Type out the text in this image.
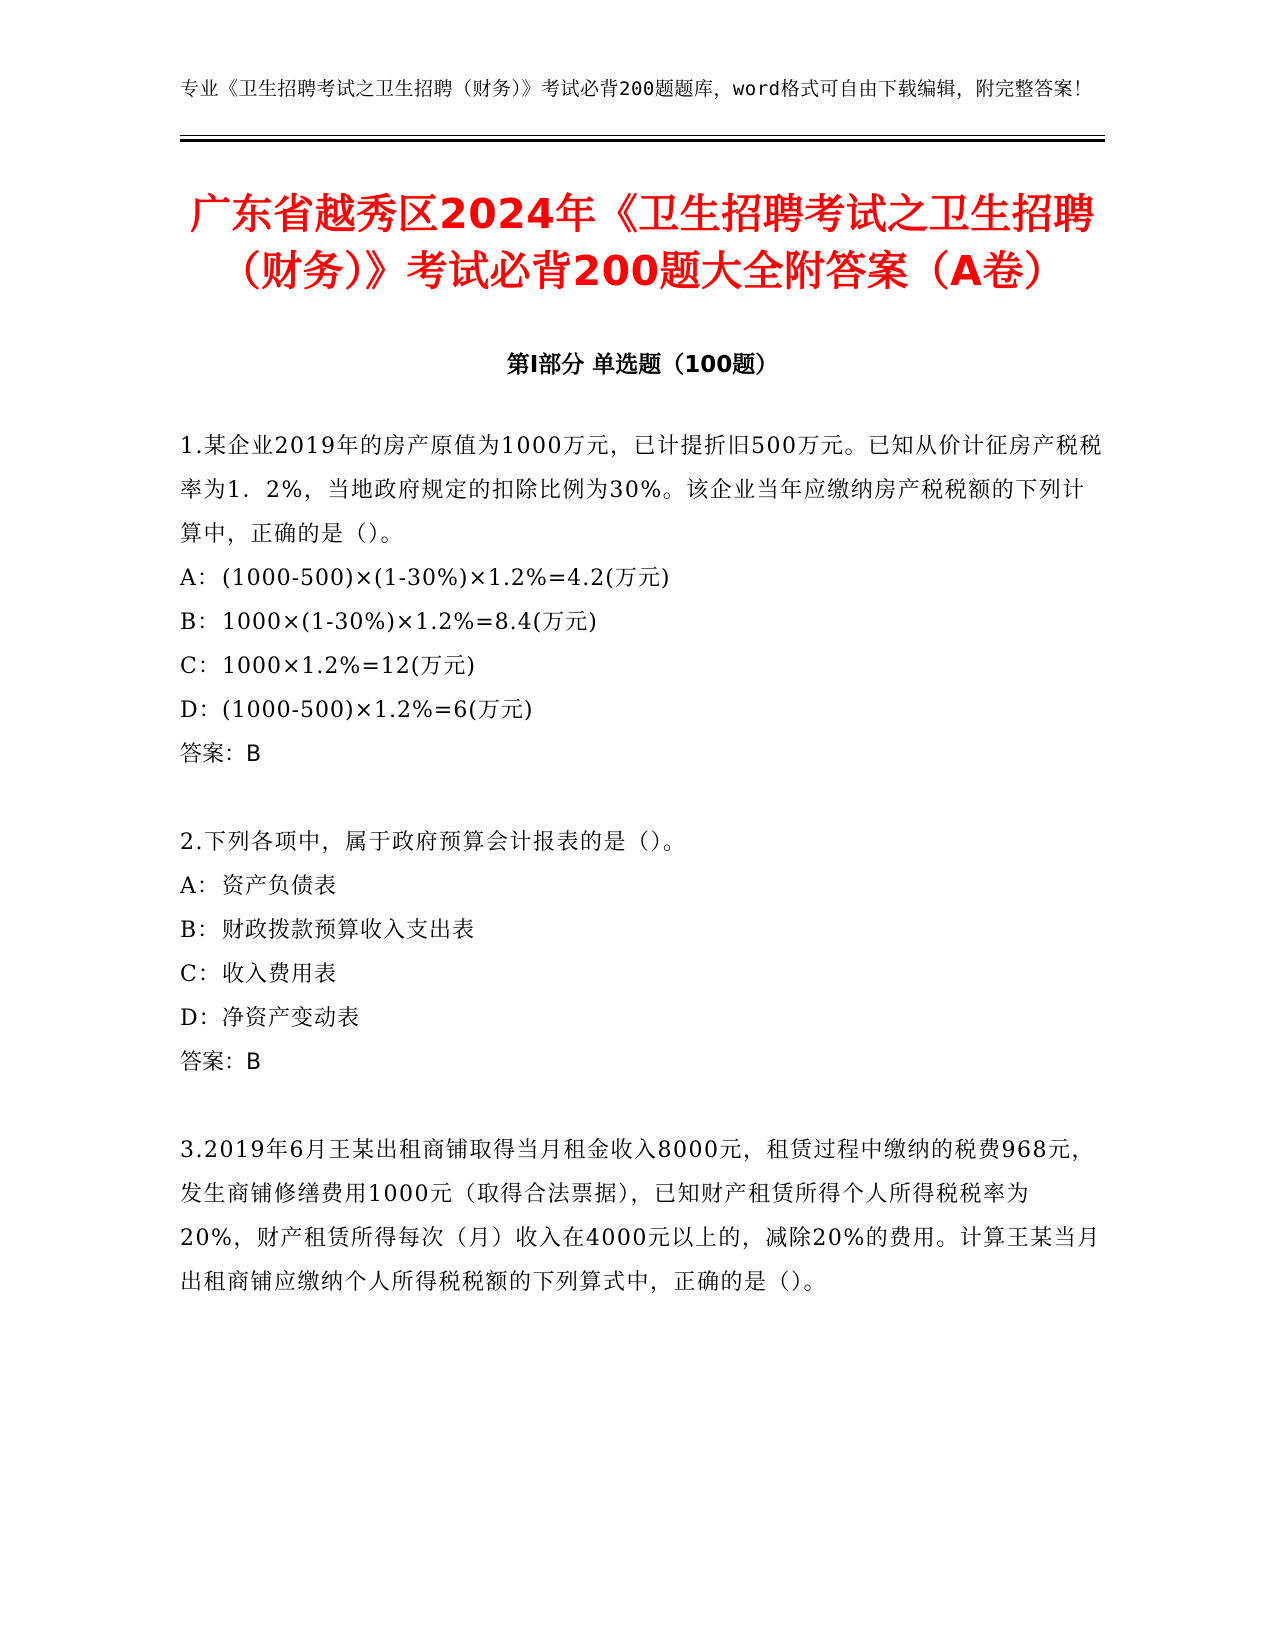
专业《卫生招聘考试之卫生招聘（财务）》考试必背200题题库，word格式可自由下载编辑，附完整答案！
广东省越秀区2024年《卫生招聘考试之卫生招聘（财务）》考试必背200题大全附答案（A卷）
第I部分 单选题（100题）
1.某企业2019年的房产原值为1000万元，已计提折旧500万元。已知从价计征房产税税率为1．2%，当地政府规定的扣除比例为30%。该企业当年应缴纳房产税税额的下列计算中，正确的是（）。
A：(1000-500)×(1-30%)×1.2%=4.2(万元)
B：1000×(1-30%)×1.2%=8.4(万元)
C：1000×1.2%=12(万元)
D：(1000-500)×1.2%=6(万元)
答案：B
2.下列各项中，属于政府预算会计报表的是（）。
A：资产负债表
B：财政拨款预算收入支出表
C：收入费用表
D：净资产变动表
答案：B
3.2019年6月王某出租商铺取得当月租金收入8000元，租赁过程中缴纳的税费968元，发生商铺修缮费用1000元（取得合法票据），已知财产租赁所得个人所得税税率为20%，财产租赁所得每次（月）收入在4000元以上的，减除20%的费用。计算王某当月出租商铺应缴纳个人所得税税额的下列算式中，正确的是（）。
